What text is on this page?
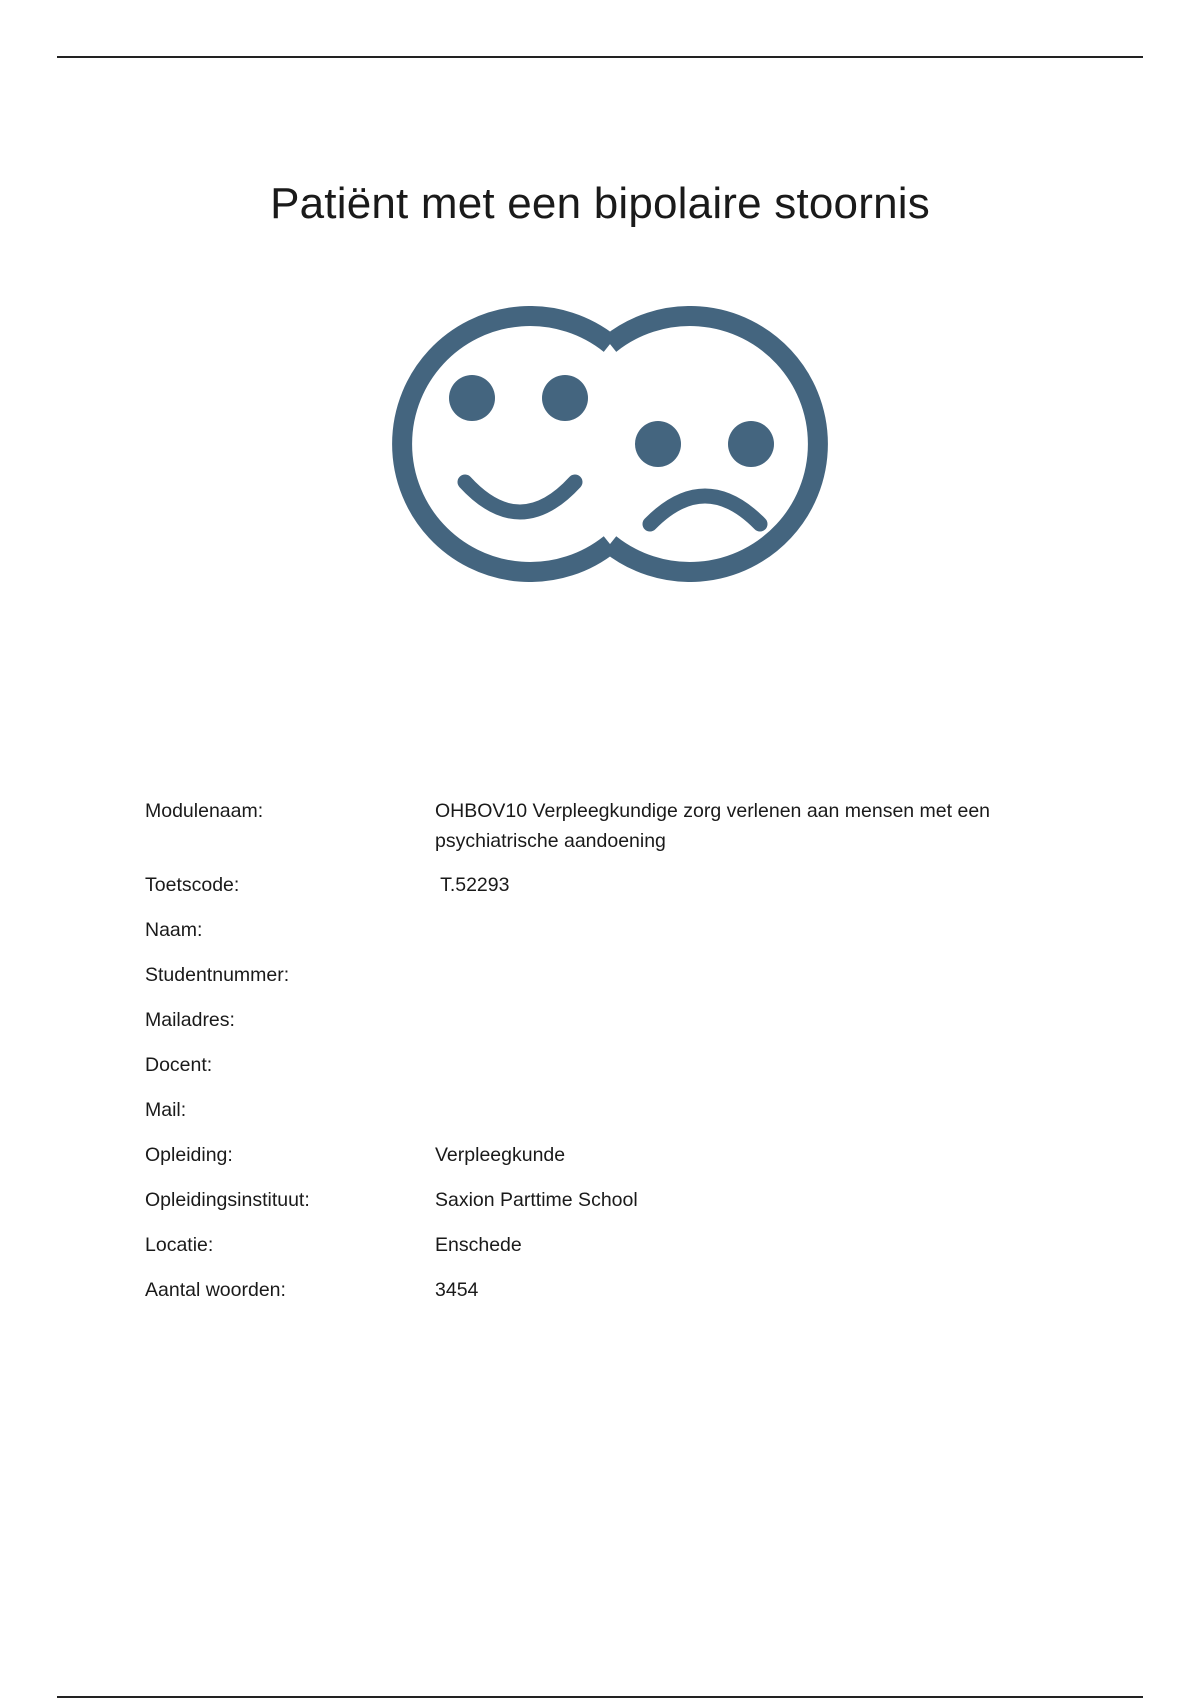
Patiënt met een bipolaire stoornis
Modulenaam:	OHBOV10 Verpleegkundige zorg verlenen aan mensen met een psychiatrische aandoening
Toetscode:	T.52293
Naam:
Studentnummer:
Mailadres:
Docent:
Mail:
Opleiding:	Verpleegkunde
Opleidingsinstituut:	Saxion Parttime School
Locatie:	Enschede
Aantal woorden:	3454
